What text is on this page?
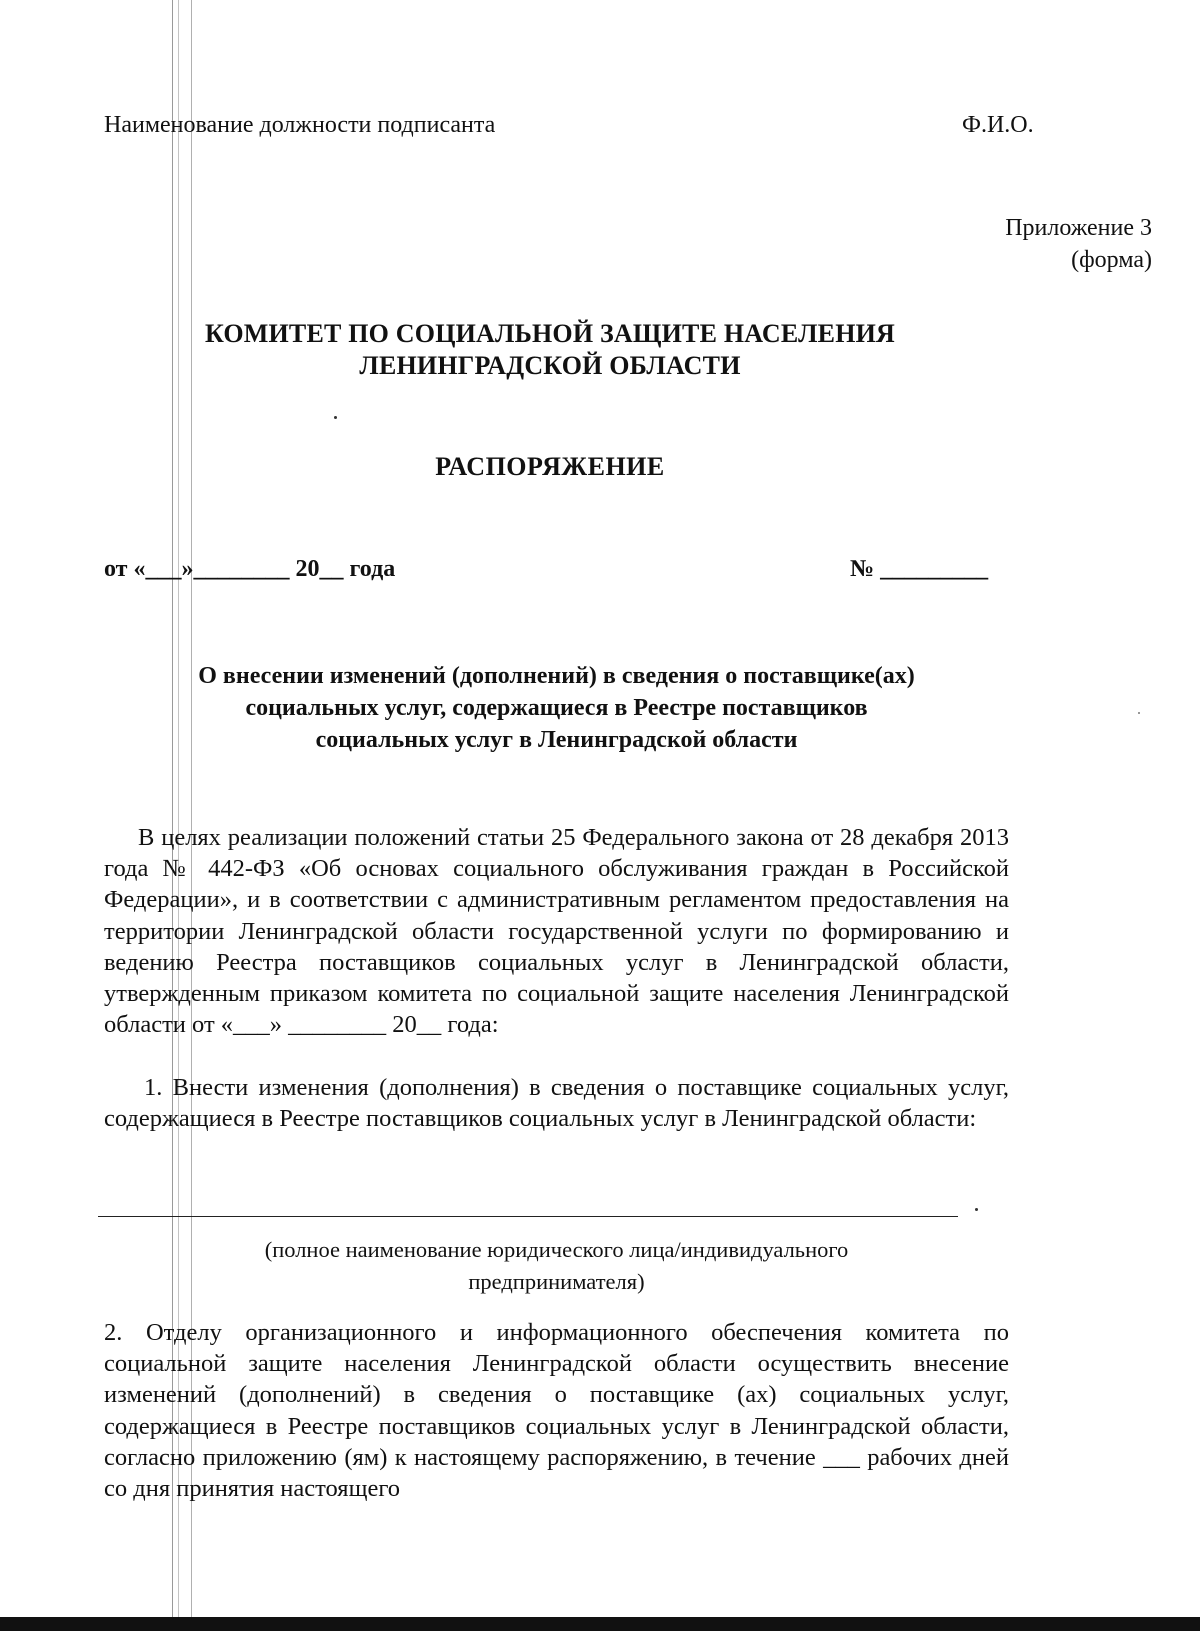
Наименование должности подписанта	Ф.И.О.
Приложение 3
(форма)
КОМИТЕТ ПО СОЦИАЛЬНОЙ ЗАЩИТЕ НАСЕЛЕНИЯ
ЛЕНИНГРАДСКОЙ ОБЛАСТИ
РАСПОРЯЖЕНИЕ
от «___»________ 20__ года	№ _________
О внесении изменений (дополнений) в сведения о поставщике(ах)
социальных услуг, содержащиеся в Реестре поставщиков
социальных услуг в Ленинградской области
В целях реализации положений статьи 25 Федерального закона от 28 декабря 2013 года № 442-ФЗ «Об основах социального обслуживания граждан в Российской Федерации», и в соответствии с административным регламентом предоставления на территории Ленинградской области государственной услуги по формированию и ведению Реестра поставщиков социальных услуг в Ленинградской области, утвержденным приказом комитета по социальной защите населения Ленинградской области от «___» ________ 20__ года:
1. Внести изменения (дополнения) в сведения о поставщике социальных услуг, содержащиеся в Реестре поставщиков социальных услуг в Ленинградской области:
(полное наименование юридического лица/индивидуального
предпринимателя)
2. Отделу организационного и информационного обеспечения комитета по социальной защите населения Ленинградской области осуществить внесение изменений (дополнений) в сведения о поставщике (ах) социальных услуг, содержащиеся в Реестре поставщиков социальных услуг в Ленинградской области, согласно приложению (ям) к настоящему распоряжению, в течение ___ рабочих дней со дня принятия настоящего
